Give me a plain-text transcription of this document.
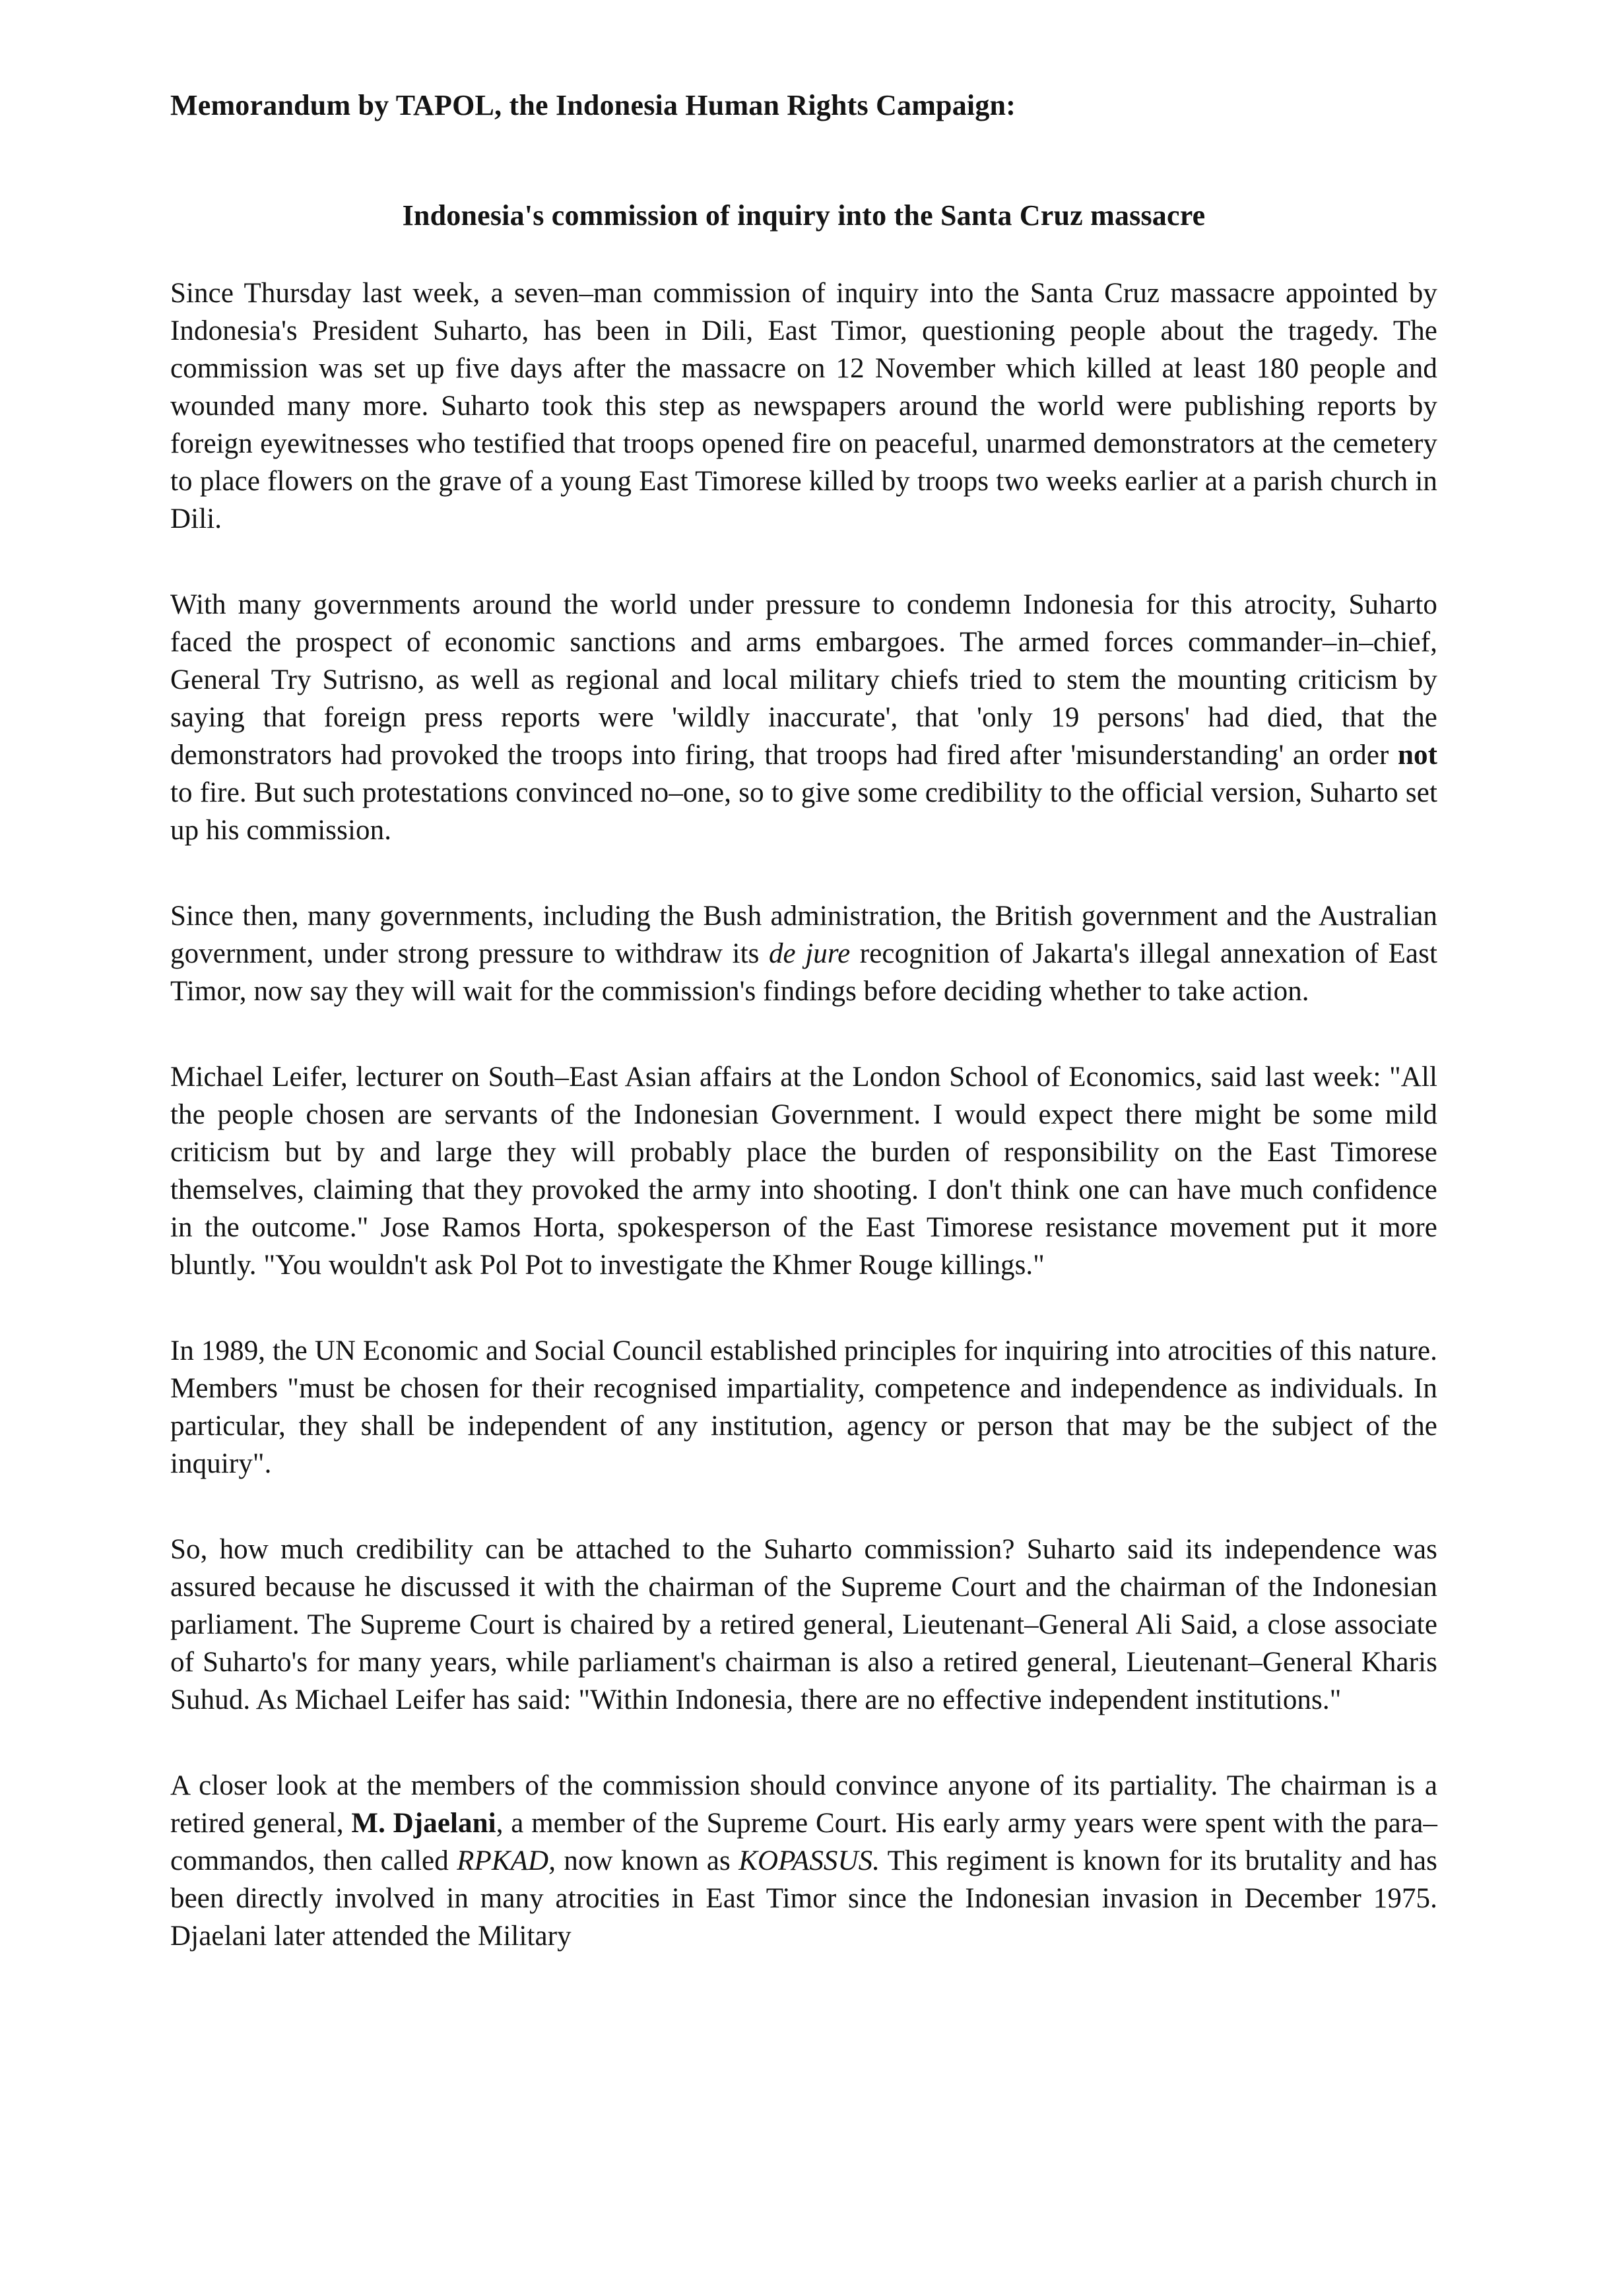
Memorandum by TAPOL, the Indonesia Human Rights Campaign:
Indonesia's commission of inquiry into the Santa Cruz massacre

Since Thursday last week, a seven–man commission of inquiry into the Santa Cruz massacre appointed by Indonesia's President Suharto, has been in Dili, East Timor, questioning people about the tragedy. The commission was set up five days after the massacre on 12 November which killed at least 180 people and wounded many more. Suharto took this step as newspapers around the world were publishing reports by foreign eyewitnesses who testified that troops opened fire on peaceful, unarmed demonstrators at the cemetery to place flowers on the grave of a young East Timorese killed by troops two weeks earlier at a parish church in Dili.

With many governments around the world under pressure to condemn Indonesia for this atrocity, Suharto faced the prospect of economic sanctions and arms embargoes. The armed forces commander–in–chief, General Try Sutrisno, as well as regional and local military chiefs tried to stem the mounting criticism by saying that foreign press reports were 'wildly inaccurate', that 'only 19 persons' had died, that the demonstrators had provoked the troops into firing, that troops had fired after 'misunderstanding' an order not to fire. But such protestations convinced no–one, so to give some credibility to the official version, Suharto set up his commission.

Since then, many governments, including the Bush administration, the British government and the Australian government, under strong pressure to withdraw its de jure recognition of Jakarta's illegal annexation of East Timor, now say they will wait for the commission's findings before deciding whether to take action.

Michael Leifer, lecturer on South–East Asian affairs at the London School of Economics, said last week: "All the people chosen are servants of the Indonesian Government. I would expect there might be some mild criticism but by and large they will probably place the burden of responsibility on the East Timorese themselves, claiming that they provoked the army into shooting. I don't think one can have much confidence in the outcome." Jose Ramos Horta, spokesperson of the East Timorese resistance movement put it more bluntly. "You wouldn't ask Pol Pot to investigate the Khmer Rouge killings."

In 1989, the UN Economic and Social Council established principles for inquiring into atrocities of this nature. Members "must be chosen for their recognised impartiality, competence and independence as individuals. In particular, they shall be independent of any institution, agency or person that may be the subject of the inquiry".

So, how much credibility can be attached to the Suharto commission? Suharto said its independence was assured because he discussed it with the chairman of the Supreme Court and the chairman of the Indonesian parliament. The Supreme Court is chaired by a retired general, Lieutenant–General Ali Said, a close associate of Suharto's for many years, while parliament's chairman is also a retired general, Lieutenant–General Kharis Suhud. As Michael Leifer has said: "Within Indonesia, there are no effective independent institutions."

A closer look at the members of the commission should convince anyone of its partiality. The chairman is a retired general, M. Djaelani, a member of the Supreme Court. His early army years were spent with the para–commandos, then called RPKAD, now known as KOPASSUS. This regiment is known for its brutality and has been directly involved in many atrocities in East Timor since the Indonesian invasion in December 1975. Djaelani later attended the Military
